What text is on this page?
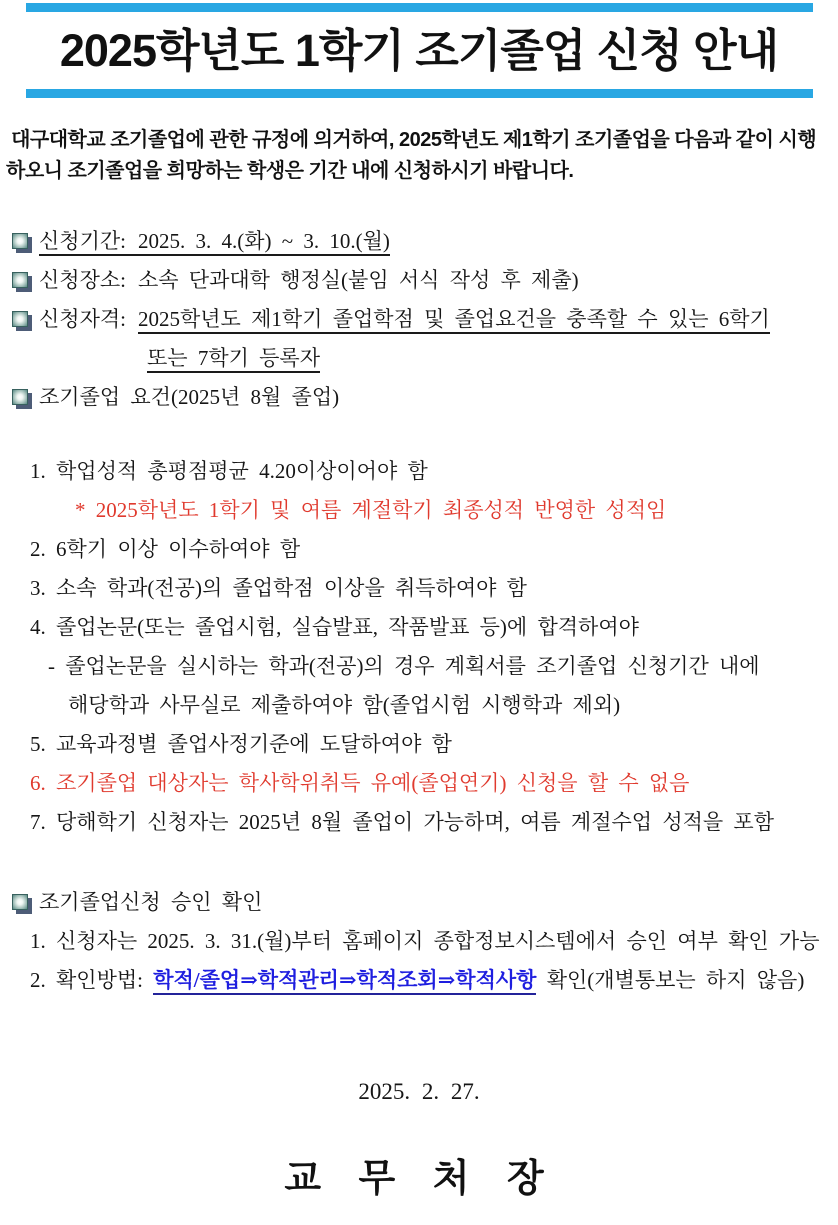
2025학년도 1학기 조기졸업 신청 안내

대구대학교 조기졸업에 관한 규정에 의거하여, 2025학년도 제1학기 조기졸업을 다음과 같이 시행
하오니 조기졸업을 희망하는 학생은 기간 내에 신청하시기 바랍니다.

신청기간: 2025. 3. 4.(화) ~ 3. 10.(월)
신청장소: 소속 단과대학 행정실(붙임 서식 작성 후 제출)
신청자격: 2025학년도 제1학기 졸업학점 및 졸업요건을 충족할 수 있는 6학기
또는 7학기 등록자
조기졸업 요건(2025년 8월 졸업)
1. 학업성적 총평점평균 4.20이상이어야 함
* 2025학년도 1학기 및 여름 계절학기 최종성적 반영한 성적임
2. 6학기 이상 이수하여야 함
3. 소속 학과(전공)의 졸업학점 이상을 취득하여야 함
4. 졸업논문(또는 졸업시험, 실습발표, 작품발표 등)에 합격하여야
- 졸업논문을 실시하는 학과(전공)의 경우 계획서를 조기졸업 신청기간 내에
해당학과 사무실로 제출하여야 함(졸업시험 시행학과 제외)
5. 교육과정별 졸업사정기준에 도달하여야 함
6. 조기졸업 대상자는 학사학위취득 유예(졸업연기) 신청을 할 수 없음
7. 당해학기 신청자는 2025년 8월 졸업이 가능하며, 여름 계절수업 성적을 포함
조기졸업신청 승인 확인
1. 신청자는 2025. 3. 31.(월)부터 홈페이지 종합정보시스템에서 승인 여부 확인 가능
2. 확인방법: 학적/졸업⇒학적관리⇒학적조회⇒학적사항 확인(개별통보는 하지 않음)
2025. 2. 27.
교 무 처 장
